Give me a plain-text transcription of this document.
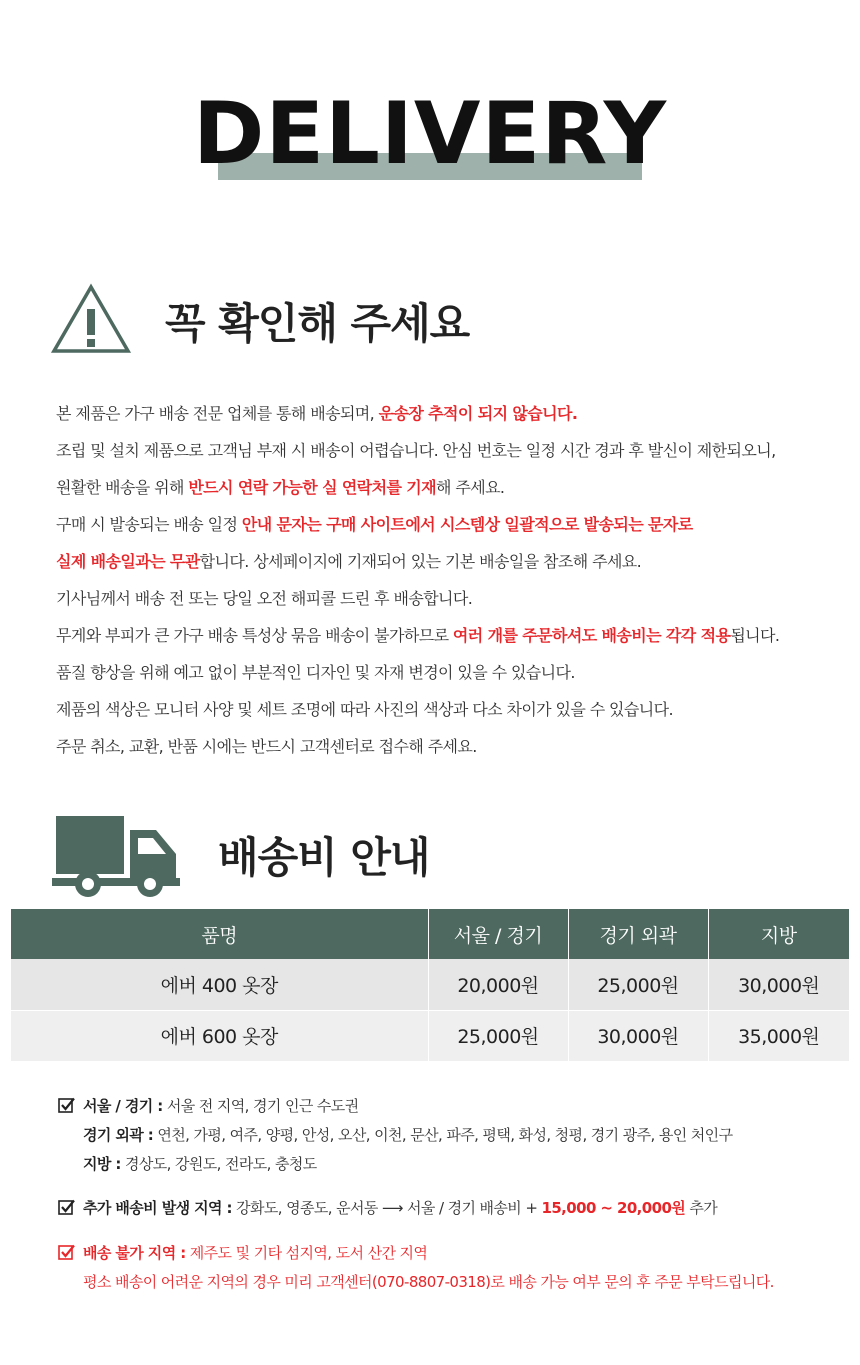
DELIVERY
꼭 확인해 주세요
본 제품은 가구 배송 전문 업체를 통해 배송되며, 운송장 추적이 되지 않습니다.
조립 및 설치 제품으로 고객님 부재 시 배송이 어렵습니다. 안심 번호는 일정 시간 경과 후 발신이 제한되오니,
원활한 배송을 위해 반드시 연락 가능한 실 연락처를 기재해 주세요.
구매 시 발송되는 배송 일정 안내 문자는 구매 사이트에서 시스템상 일괄적으로 발송되는 문자로
실제 배송일과는 무관합니다. 상세페이지에 기재되어 있는 기본 배송일을 참조해 주세요.
기사님께서 배송 전 또는 당일 오전 해피콜 드린 후 배송합니다.
무게와 부피가 큰 가구 배송 특성상 묶음 배송이 불가하므로 여러 개를 주문하셔도 배송비는 각각 적용됩니다.
품질 향상을 위해 예고 없이 부분적인 디자인 및 자재 변경이 있을 수 있습니다.
제품의 색상은 모니터 사양 및 세트 조명에 따라 사진의 색상과 다소 차이가 있을 수 있습니다.
주문 취소, 교환, 반품 시에는 반드시 고객센터로 접수해 주세요.
배송비 안내
품명	서울 / 경기	경기 외곽	지방
에버 400 옷장	20,000원	25,000원	30,000원
에버 600 옷장	25,000원	30,000원	35,000원
서울 / 경기 : 서울 전 지역, 경기 인근 수도권
경기 외곽 : 연천, 가평, 여주, 양평, 안성, 오산, 이천, 문산, 파주, 평택, 화성, 청평, 경기 광주, 용인 처인구
지방 : 경상도, 강원도, 전라도, 충청도
추가 배송비 발생 지역 : 강화도, 영종도, 운서동 ⟶ 서울 / 경기 배송비 + 15,000 ~ 20,000원 추가
배송 불가 지역 : 제주도 및 기타 섬지역, 도서 산간 지역
평소 배송이 어려운 지역의 경우 미리 고객센터(070-8807-0318)로 배송 가능 여부 문의 후 주문 부탁드립니다.
